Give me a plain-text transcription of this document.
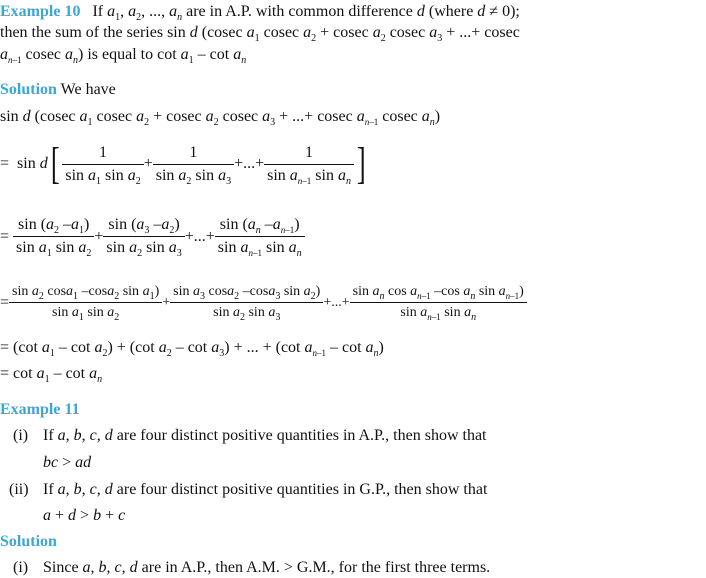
Example 10   If $a_1$, $a_2$, ..., $a_n$ are in A.P. with common difference d (where d ≠ 0);
then the sum of the series sin d (cosec $a_1$ cosec $a_2 + cosec$ $a_2$ cosec $a_3$ + ...+ cosec
$a_{n-1}$ cosec $a_n$) is equal to $\cot a_1$ – $\cot a_n$
Solution We have
sin d (cosec $a_1$ cosec $a_2 + cosec$ $a_2$ cosec $a_3$ + ...+ cosec $a_{n-1}$ cosec $a_n$)
=  $\sin d[ \frac{1}{\sin a_1 \sin a_2} + \frac{1}{\sin a_2 \sin a_3}$ +...+ $\frac{1}{\sin a_{n-1} \sin a_n}$ ]
= $\frac{\sin (a_2 -a_1)}{\sin a_1 \sin a_2} + \frac{\sin (a_3 -a_2)}{\sin a_2 \sin a_3}$ +...+ $\frac{\sin (a_n -a_{n-1})}{\sin a_{n-1} \sin a_n}$
= $\frac{\sin a_2 \cos a_1 -\cos a_2 \sin a_1)}{\sin a_1 \sin a_2} + \frac{\sin a_3 \cos a_2 -\cos a_3 \sin a_2)}{\sin a_2 \sin a_3}$ +...+ $\frac{\sin a_n \cos a_{n-1} -\cos a_n \sin a_{n-1})}{\sin a_{n-1} \sin a_n}$
= (cot $a_1 - \cot a_2) + (\cot$ $a_2$ – $\cot a_3$) + ... + (cot $a_{n-1}$ – $\cot a_n$)
= $\cot a_1$ – $\cot a_n$
Example 11
(i) If a, b, c, d are four distinct positive quantities in A.P., then show that
bc > ad
(ii) If a, b, c, d are four distinct positive quantities in G.P., then show that
a + d > b + c
Solution
(i) Since a, b, c, d are in A.P., then A.M. > G.M., for the first three terms.
